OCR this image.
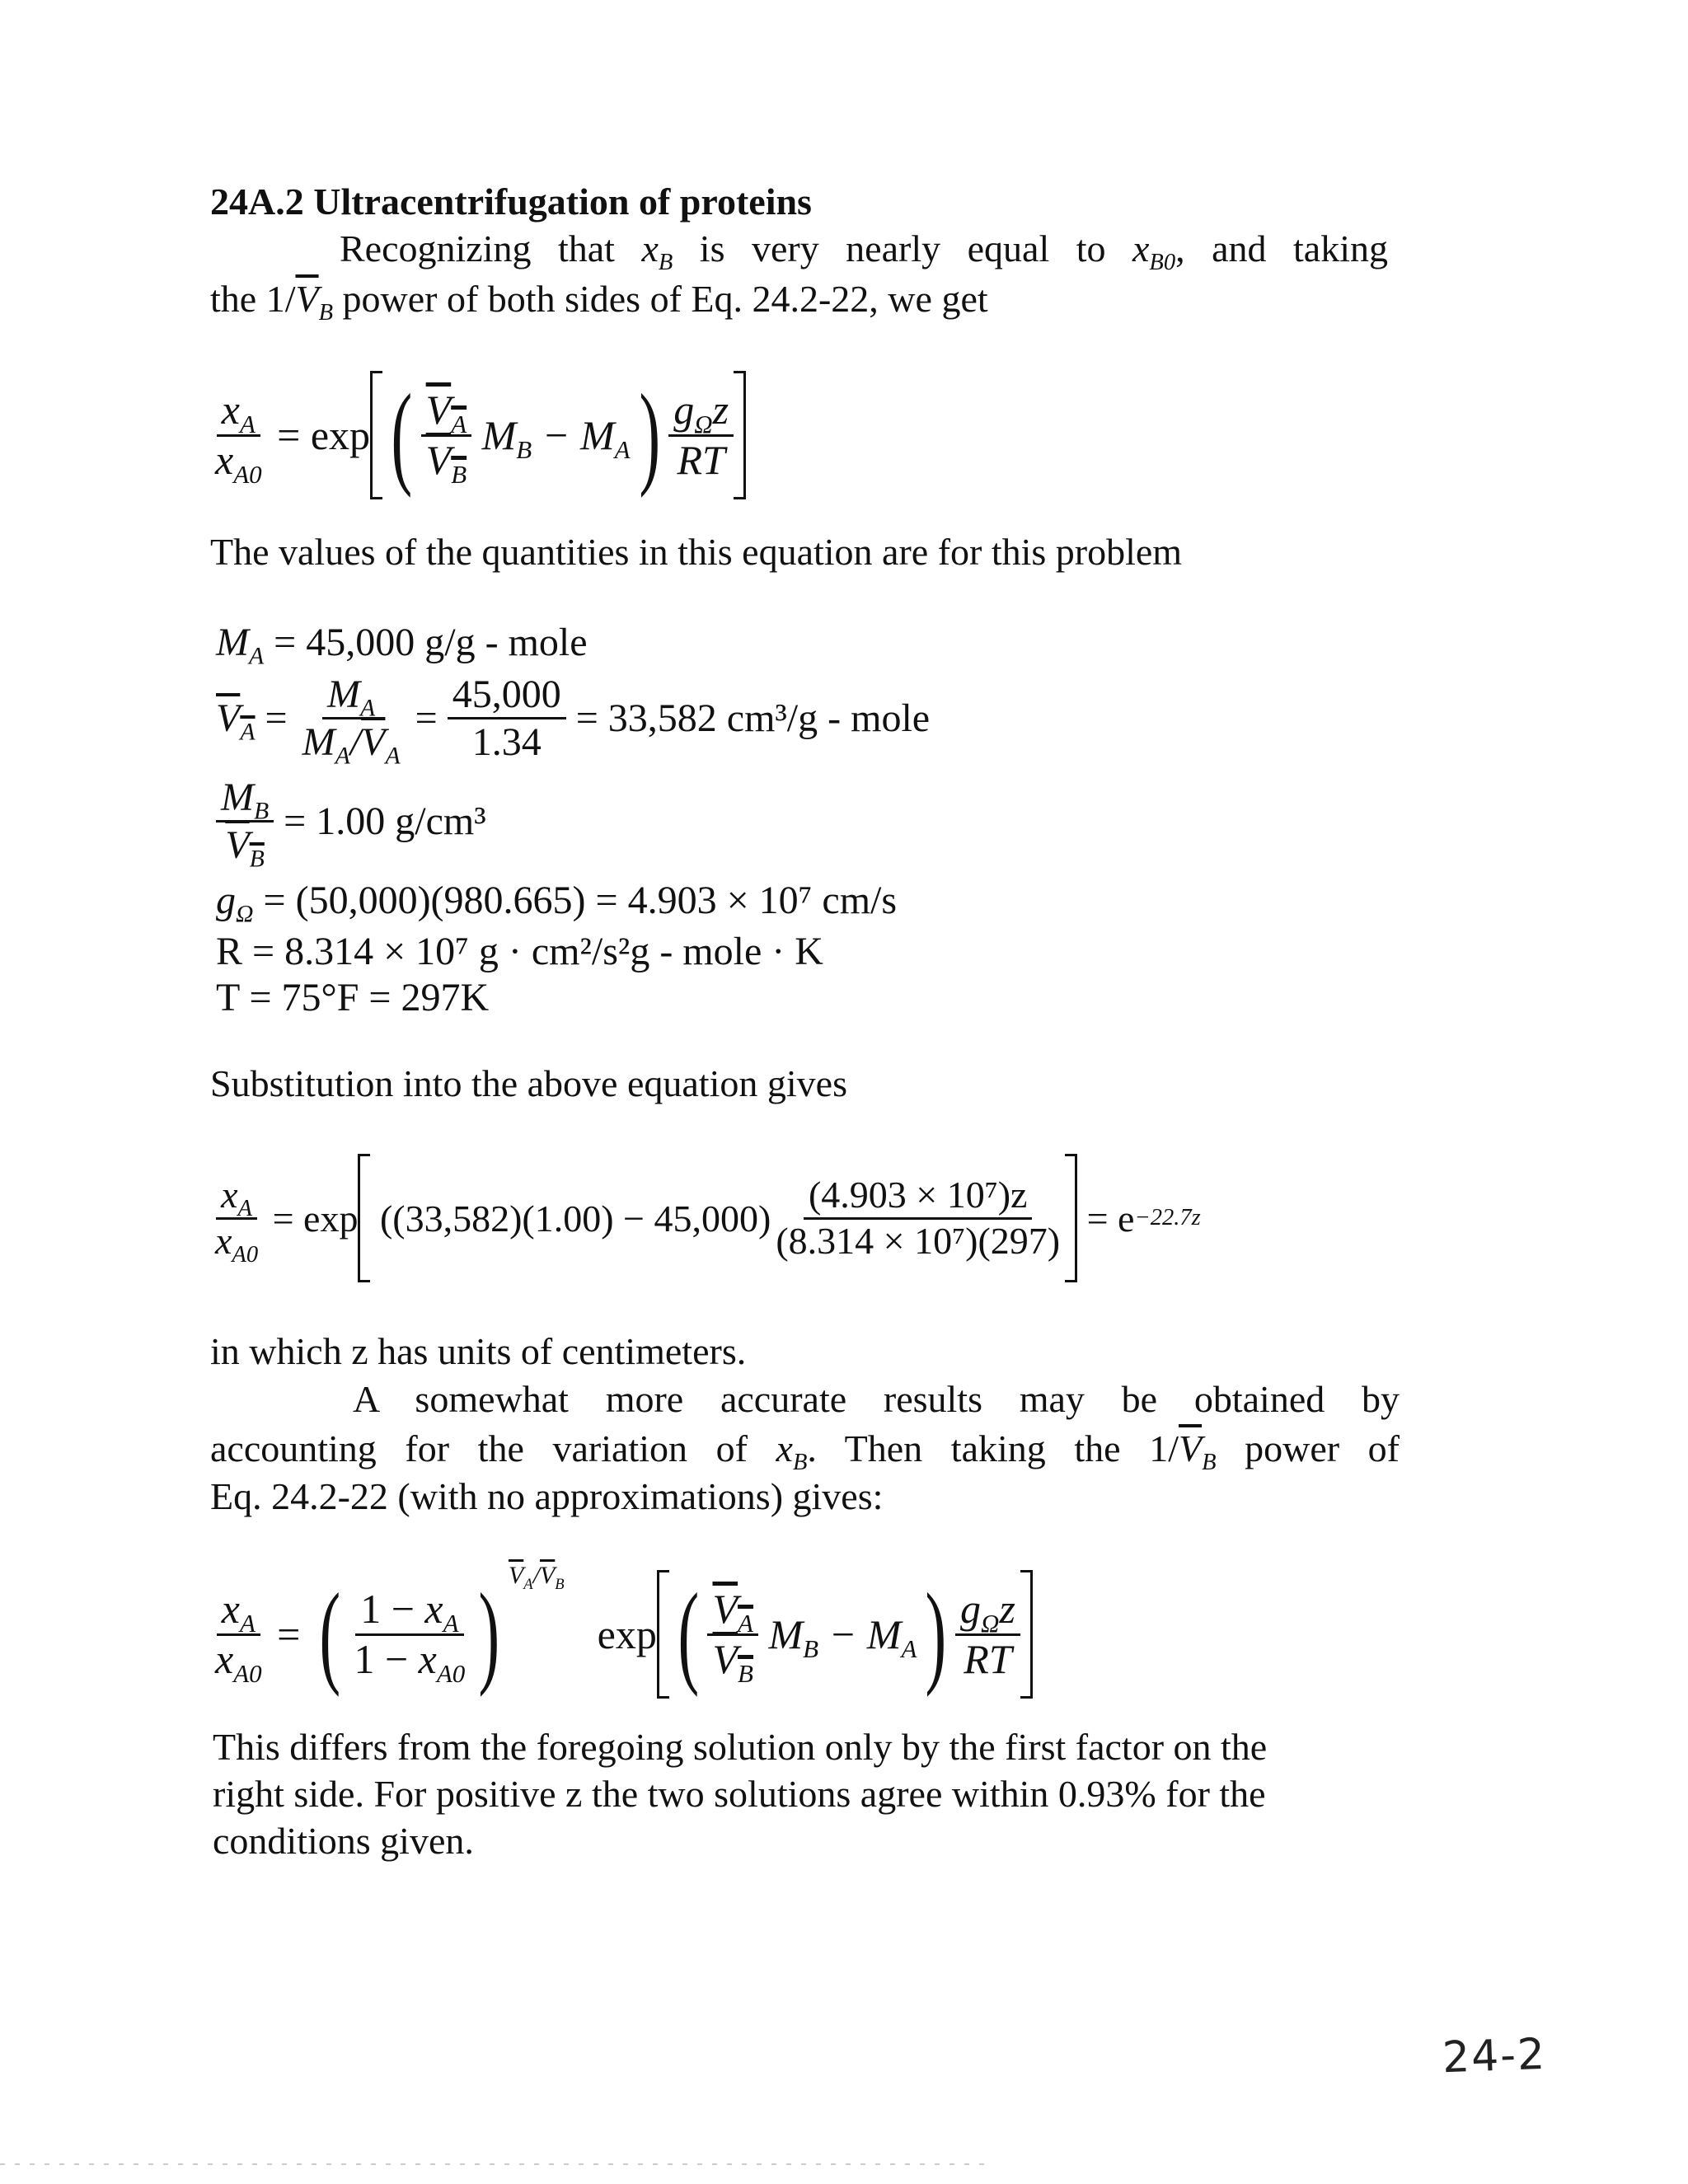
24A.2 Ultracentrifugation of proteins
Recognizing that $x_B$ is very nearly equal to $x_{B0}$, and taking
the $1/\overline{V}_B$ power of both sides of Eq. 24.2-22, we get
$\frac{x_A}{x_{A0}} = \exp$ ( $\frac{V_A}{V_B} M_B - M_A$ ) $\frac{g_\Omega z}{RT}$
The values of the quantities in this equation are for this problem
$M_A$
= 45,000 g/g - mole
$V_A = \frac{M_A}{M_A/\overline{V}_A} = \frac{45,000}{1.34}$
= 33,582 cm³/g - mole
$\frac{M_B}{V_B}$
= 1.00 g/cm³
$g_\Omega$
= (50,000)(980.665) = 4.903 × 10⁷ cm/s
R = 8.314 × 10⁷ g · cm²/s²g - mole · K
T = 75°F = 297K
Substitution into the above equation gives
$\frac{x_A}{x_{A0}} = \exp$
$((33,582)(1.00) - 45,000) \frac{\text{(4.903 × 10⁷)z}}{\text{(8.314 × 10⁷)(297)}}$
= e −22.7z
in which z has units of centimeters.
A somewhat more accurate results may be obtained by
accounting for the variation of $x_B$. Then taking the $1/\overline{V}_B$ power of
Eq. 24.2-22 (with no approximations) gives:
$\frac{x_A}{x_{A0}}$ = ( $\frac{1 - x_A}{1 - x_{A0}}$ ) $\overline{V}_A/\overline{V}_B$
exp ( $\frac{V_A}{V_B} M_B - M_A$ ) $\frac{g_\Omega z}{RT}$
This differs from the foregoing solution only by the first factor on the
right side. For positive z the two solutions agree within 0.93% for the
conditions given.
24-2
